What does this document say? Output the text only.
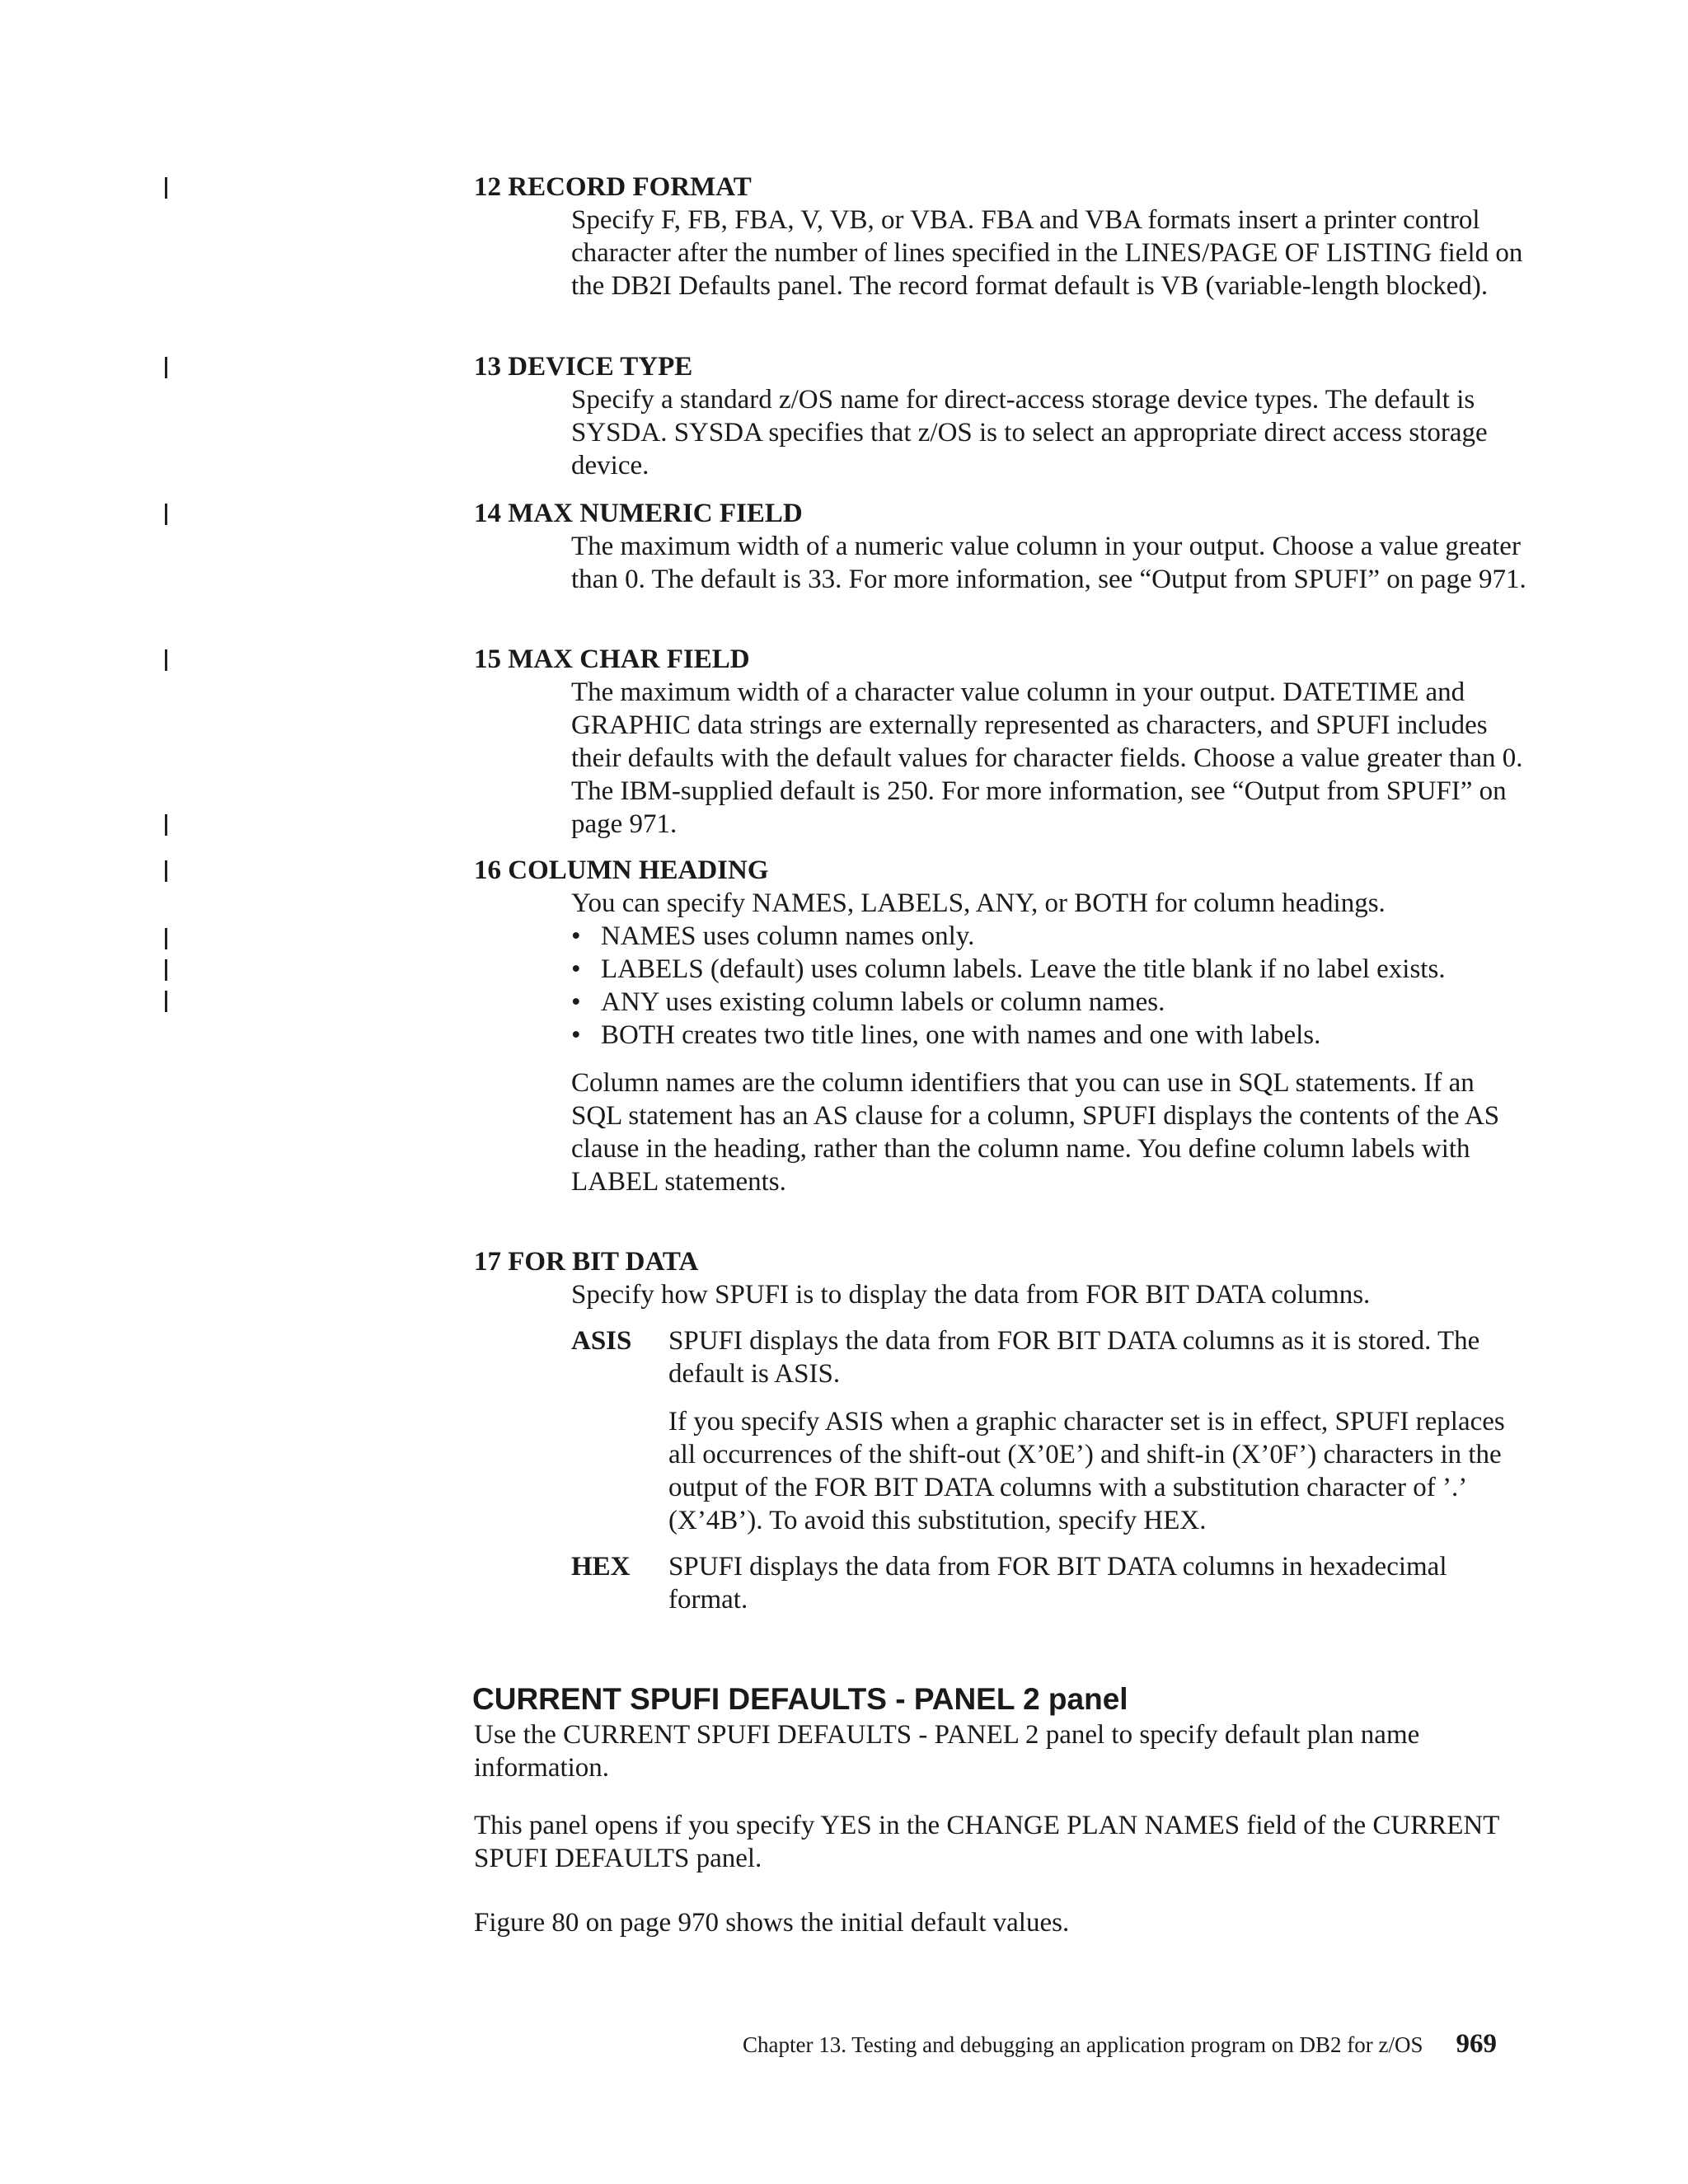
12 RECORD FORMAT

Specify F, FB, FBA, V, VB, or VBA. FBA and VBA formats insert a printer control character after the number of lines specified in the LINES/PAGE OF LISTING field on the DB2I Defaults panel. The record format default is VB (variable-length blocked).

13 DEVICE TYPE

Specify a standard z/OS name for direct-access storage device types. The default is SYSDA. SYSDA specifies that z/OS is to select an appropriate direct access storage device.

14 MAX NUMERIC FIELD

The maximum width of a numeric value column in your output. Choose a value greater than 0. The default is 33. For more information, see “Output from SPUFI” on page 971.

15 MAX CHAR FIELD

The maximum width of a character value column in your output. DATETIME and GRAPHIC data strings are externally represented as characters, and SPUFI includes their defaults with the default values for character fields. Choose a value greater than 0. The IBM-supplied default is 250. For more information, see “Output from SPUFI” on page 971.

16 COLUMN HEADING

You can specify NAMES, LABELS, ANY, or BOTH for column headings.

• NAMES uses column names only.
• LABELS (default) uses column labels. Leave the title blank if no label exists.
• ANY uses existing column labels or column names.
• BOTH creates two title lines, one with names and one with labels.

Column names are the column identifiers that you can use in SQL statements. If an SQL statement has an AS clause for a column, SPUFI displays the contents of the AS clause in the heading, rather than the column name. You define column labels with LABEL statements.

17 FOR BIT DATA

Specify how SPUFI is to display the data from FOR BIT DATA columns.

ASIS	SPUFI displays the data from FOR BIT DATA columns as it is stored. The default is ASIS.

If you specify ASIS when a graphic character set is in effect, SPUFI replaces all occurrences of the shift-out (X’0E’) and shift-in (X’0F’) characters in the output of the FOR BIT DATA columns with a substitution character of ’.’ (X’4B’). To avoid this substitution, specify HEX.

HEX	SPUFI displays the data from FOR BIT DATA columns in hexadecimal format.

CURRENT SPUFI DEFAULTS - PANEL 2 panel

Use the CURRENT SPUFI DEFAULTS - PANEL 2 panel to specify default plan name information.

This panel opens if you specify YES in the CHANGE PLAN NAMES field of the CURRENT SPUFI DEFAULTS panel.

Figure 80 on page 970 shows the initial default values.

Chapter 13. Testing and debugging an application program on DB2 for z/OS 969
